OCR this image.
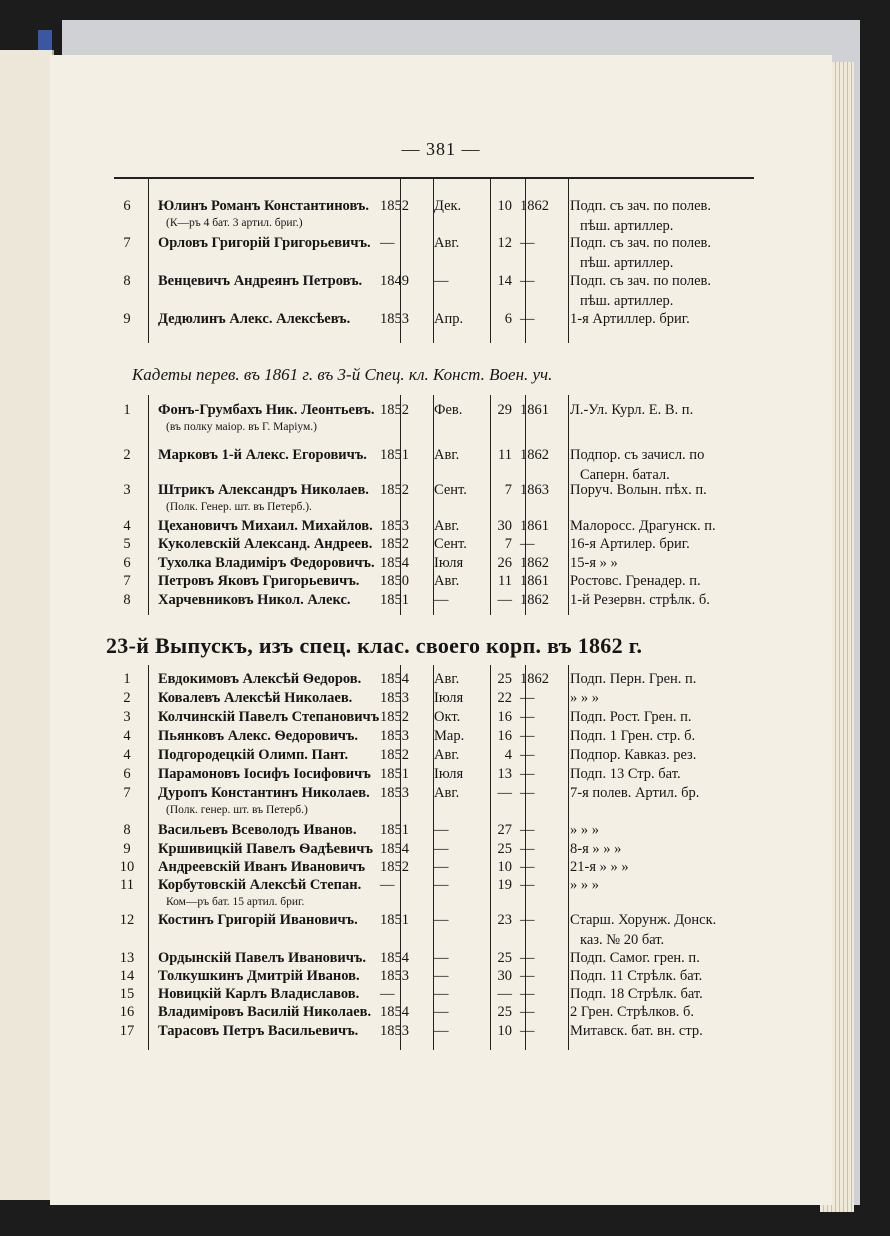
— 381 —
Кадеты перев. въ 1861 г. въ 3-й Спец. кл. Конст. Воен. уч.
23-й Выпускъ, изъ спец. клас. своего корп. въ 1862 г.
6	Юлинъ Романъ Константиновъ. 1852 Дек.	10 1862 Подп. съ зач. по полев.
(К—ръ 4 бат. 3 артил. бриг.)	пѣш. артиллер.
7	Орловъ Григорій Григорьевичъ. —	Авг.	12 — Подп. съ зач. по полев.
пѣш. артиллер.
8	Венцевичъ Андреянъ Петровъ. 1849 —	14 — Подп. съ зач. по полев.
пѣш. артиллер.
9	Дедюлинъ Алекс. Алексѣевъ. 1853 Апр.	6 — 1-я Артиллер. бриг.
1	Фонъ-Грумбахъ Ник. Леонтьевъ. 1852 Фев.	29 1861 Л.-Ул. Курл. Е. В. п.
(въ полку маіор. въ Г. Маріум.)
2	Марковъ 1-й Алекс. Егоровичъ. 1851 Авг.	11 1862 Подпор. съ зачисл. по
Саперн. батал.
3	Штрикъ Александръ Николаев. 1852 Сент.	7 1863 Поруч. Волын. пѣх. п.
(Полк. Генер. шт. въ Петерб.).
4	Цехановичъ Михаил. Михайлов. 1853 Авг.	30 1861 Малоросс. Драгунск. п.
5	Куколевскій Александ. Андреев. 1852 Сент.	7 — 16-я Артилер. бриг.
6	Тухолка Владиміръ Федоровичъ. 1854 Іюля	26 1862 15-я » »
7	Петровъ Яковъ Григорьевичъ. 1850 Авг.	11 1861 Ростовс. Гренадер. п.
8	Харчевниковъ Никол. Алекс. 1851 —	— 1862 1-й Резервн. стрѣлк. б.
1	Евдокимовъ Алексѣй Ѳедоров. 1854 Авг.	25 1862 Подп. Перн. Грен. п.
2	Ковалевъ Алексѣй Николаев. 1853 Іюля	22 — » » »
3	Колчинскій Павелъ Степановичъ 1852 Окт.	16 — Подп. Рост. Грен. п.
4	Пьянковъ Алекс. Ѳедоровичъ. 1853 Мар.	16 — Подп. 1 Грен. стр. б.
4	Подгородецкій Олимп. Пант. 1852 Авг.	4 — Подпор. Кавказ. рез.
6	Парамоновъ Іосифъ Іосифовичъ 1851 Іюля	13 — Подп. 13 Стр. бат.
7	Дуропъ Константинъ Николаев. 1853 Авг.	— — 7-я полев. Артил. бр.
(Полк. генер. шт. въ Петерб.)
8	Васильевъ Всеволодъ Иванов. 1851 —	27 — » » »
9	Кршивицкій Павелъ Ѳадѣевичъ 1854 —	25 — 8-я » » »
10 Андреевскій Иванъ Ивановичъ 1852 —	10 — 21-я » » »
11 Корбутовскій Алексѣй Степан. —	—	19 — » » »
Ком—ръ бат. 15 артил. бриг.
12 Костинъ Григорій Ивановичъ. 1851 —	23 — Старш. Хорунж. Донск.
каз. № 20 бат.
13 Ордынскій Павелъ Ивановичъ. 1854 —	25 — Подп. Самог. грен. п.
14 Толкушкинъ Дмитрій Иванов. 1853 —	30 — Подп. 11 Стрѣлк. бат.
15 Новицкій Карлъ Владиславов. —	—	— — Подп. 18 Стрѣлк. бат.
16 Владиміровъ Василій Николаев. 1854 —	25 — 2 Грен. Стрѣлков. б.
17 Тарасовъ Петръ Васильевичъ. 1853 —	10 — Митавск. бат. вн. стр.
